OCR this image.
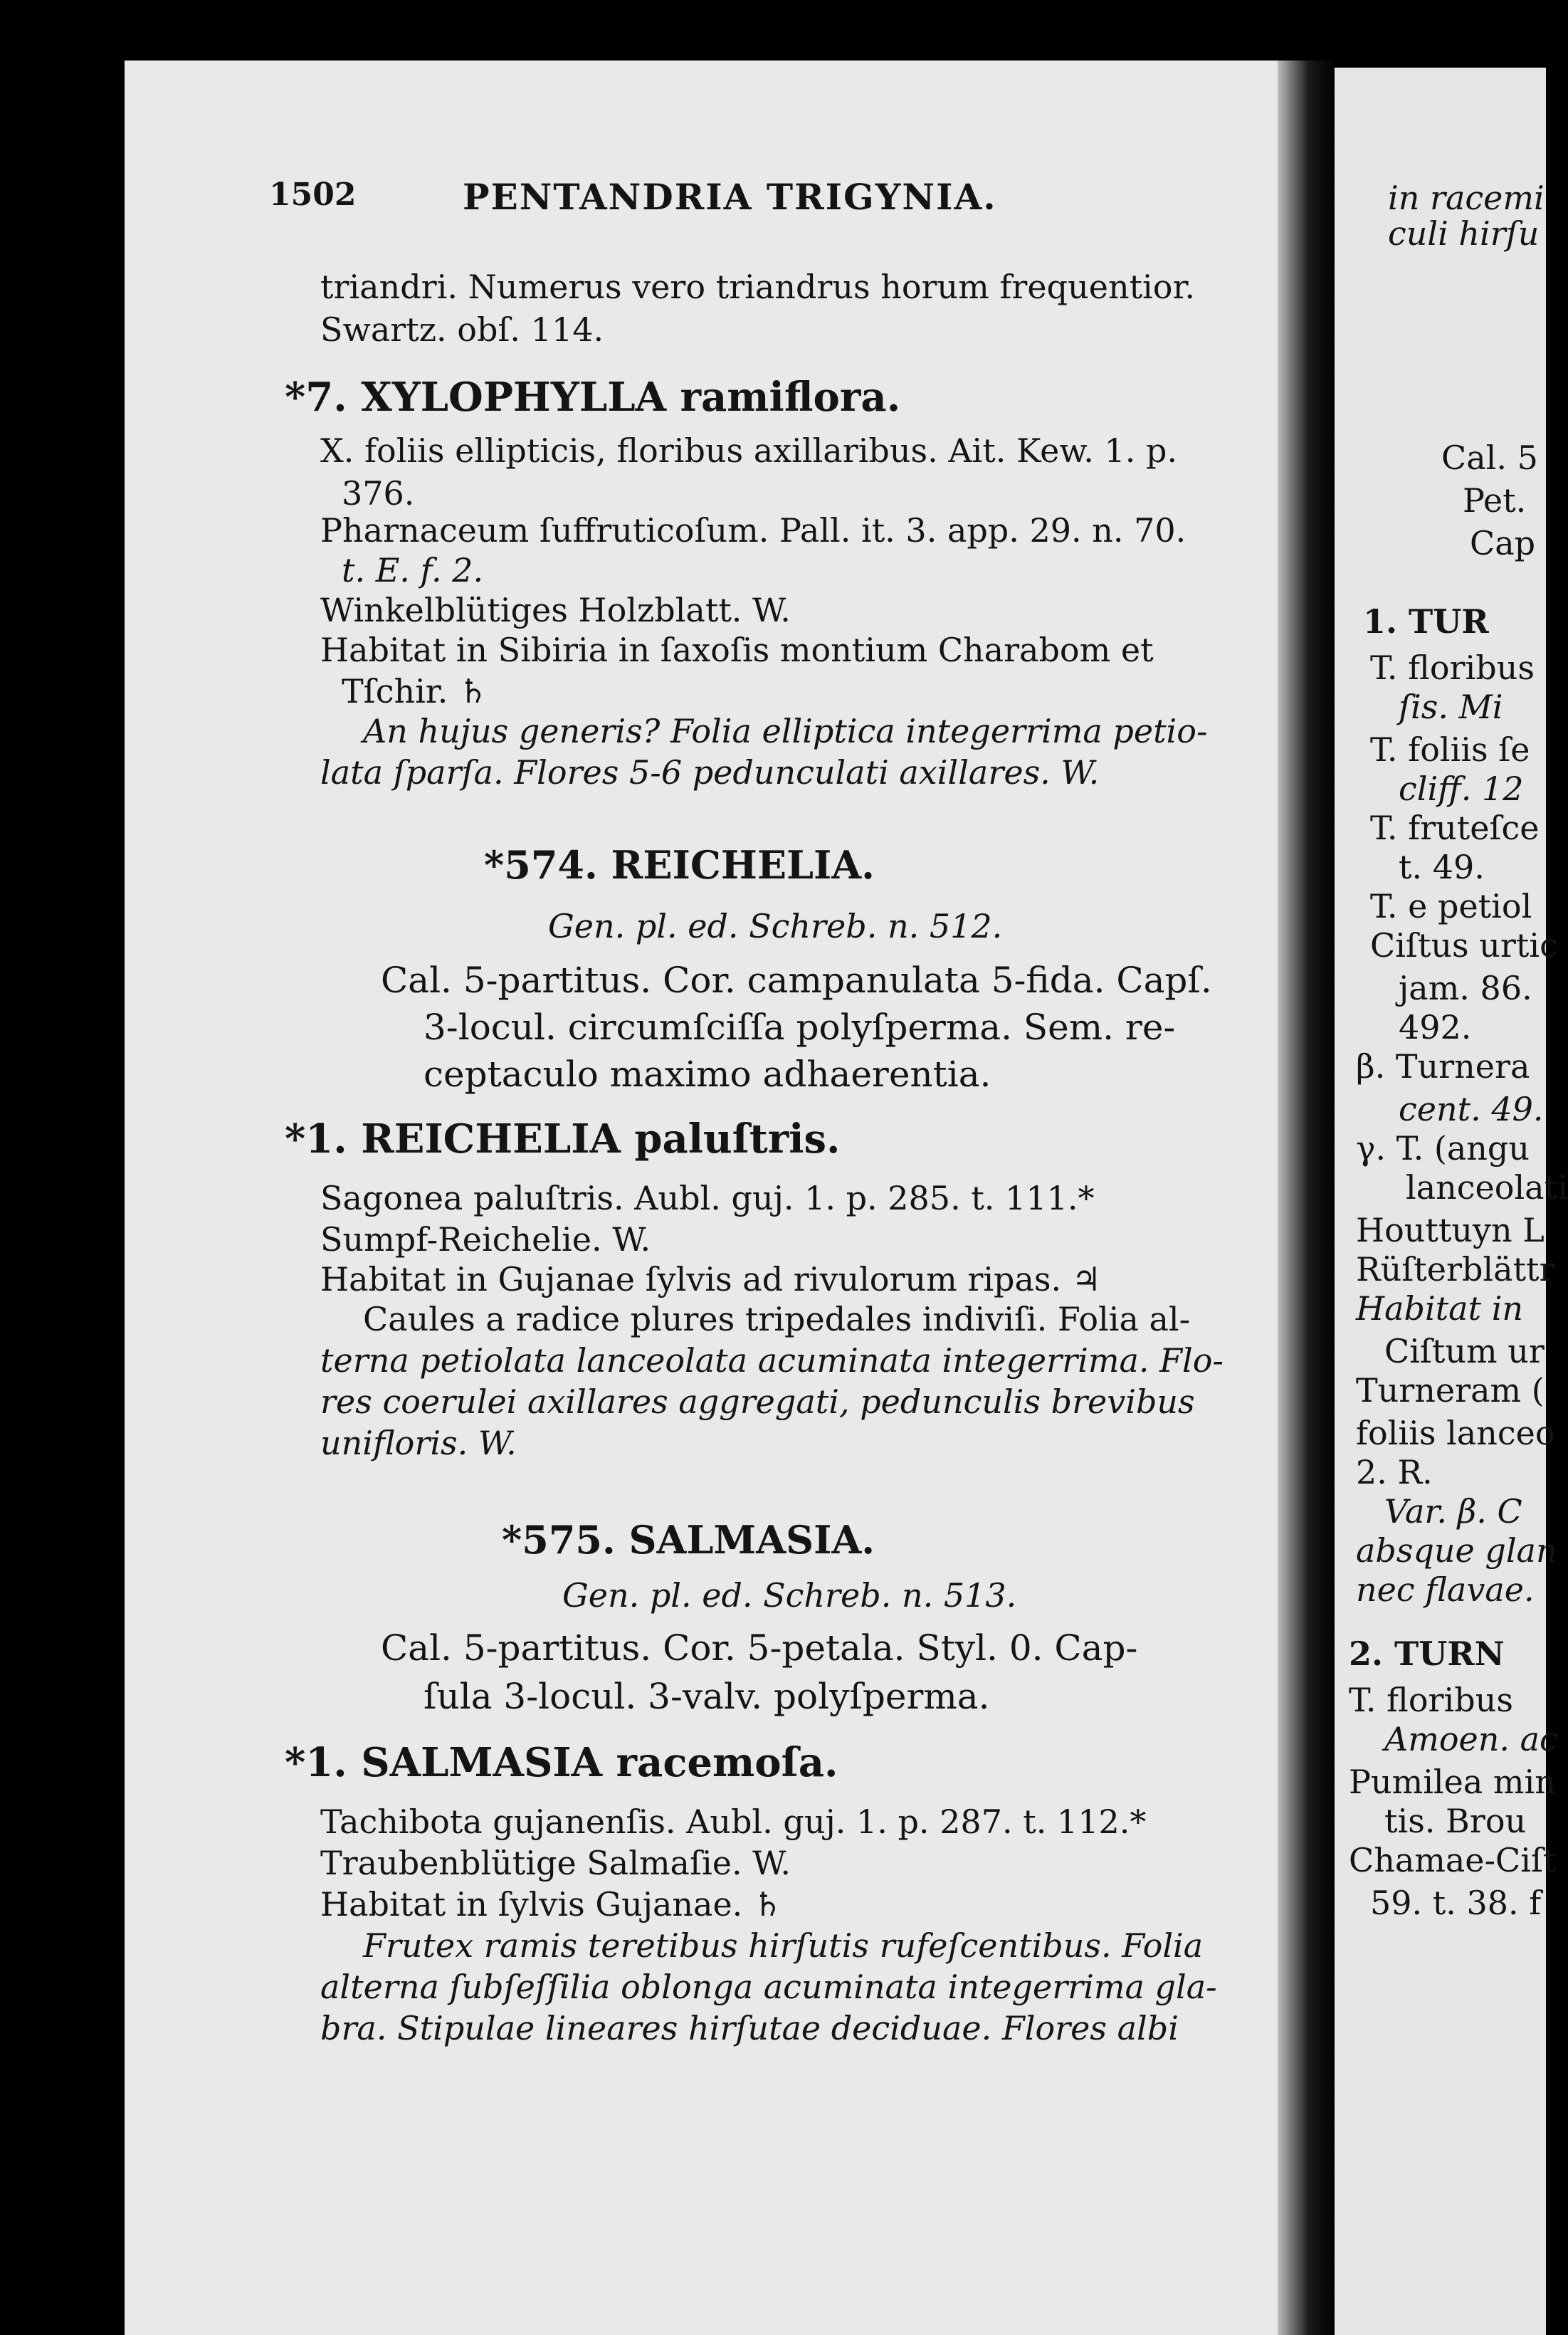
in racemi
culi hirſu
Cal. 5
Pet.
Cap
1. TUR
T. floribus
ſis. Mi
T. foliis ſe
cliff. 12
T. fruteſce
t. 49.
T. e petiol
Ciſtus urtic
jam. 86.
492.
β. Turnera
cent. 49.
γ. T. (angu
lanceolati
Houttuyn L
Rüſterblättr
Habitat in
Ciſtum ur
Turneram (
foliis lanceo
2. R.
Var. β. C
absque glan
nec flavae.
2. TURN
T. floribus
Amoen. ac
Pumilea min
tis. Brou
Chamae-Ciſt
59. t. 38. f
1502	PENTANDRIA TRIGYNIA.
triandri. Numerus vero triandrus horum frequentior.
Swartz. obſ. 114.
*7. XYLOPHYLLA ramiflora.
X. foliis ellipticis, floribus axillaribus. Ait. Kew. 1. p.
376.
Pharnaceum ſuffruticoſum. Pall. it. 3. app. 29. n. 70.
t. E. f. 2.
Winkelblütiges Holzblatt. W.
Habitat in Sibiria in ſaxoſis montium Charabom et
Tſchir. ♄
An hujus generis? Folia elliptica integerrima petio-
lata ſparſa. Flores 5-6 pedunculati axillares. W.
*574. REICHELIA.
Gen. pl. ed. Schreb. n. 512.
Cal. 5-partitus. Cor. campanulata 5-fida. Capſ.
3-locul. circumſciſſa polyſperma. Sem. re-
ceptaculo maximo adhaerentia.
*1. REICHELIA paluſtris.
Sagonea paluſtris. Aubl. guj. 1. p. 285. t. 111.*
Sumpf-Reichelie. W.
Habitat in Gujanae ſylvis ad rivulorum ripas. ♃
Caules a radice plures tripedales indiviſi. Folia al-
terna petiolata lanceolata acuminata integerrima. Flo-
res coerulei axillares aggregati, pedunculis brevibus
unifloris. W.
*575. SALMASIA.
Gen. pl. ed. Schreb. n. 513.
Cal. 5-partitus. Cor. 5-petala. Styl. 0. Cap-
ſula 3-locul. 3-valv. polyſperma.
*1. SALMASIA racemoſa.
Tachibota gujanenſis. Aubl. guj. 1. p. 287. t. 112.*
Traubenblütige Salmaſie. W.
Habitat in ſylvis Gujanae. ♄
Frutex ramis teretibus hirſutis rufeſcentibus. Folia
alterna ſubſeſſilia oblonga acuminata integerrima gla-
bra. Stipulae lineares hirſutae deciduae. Flores albi
